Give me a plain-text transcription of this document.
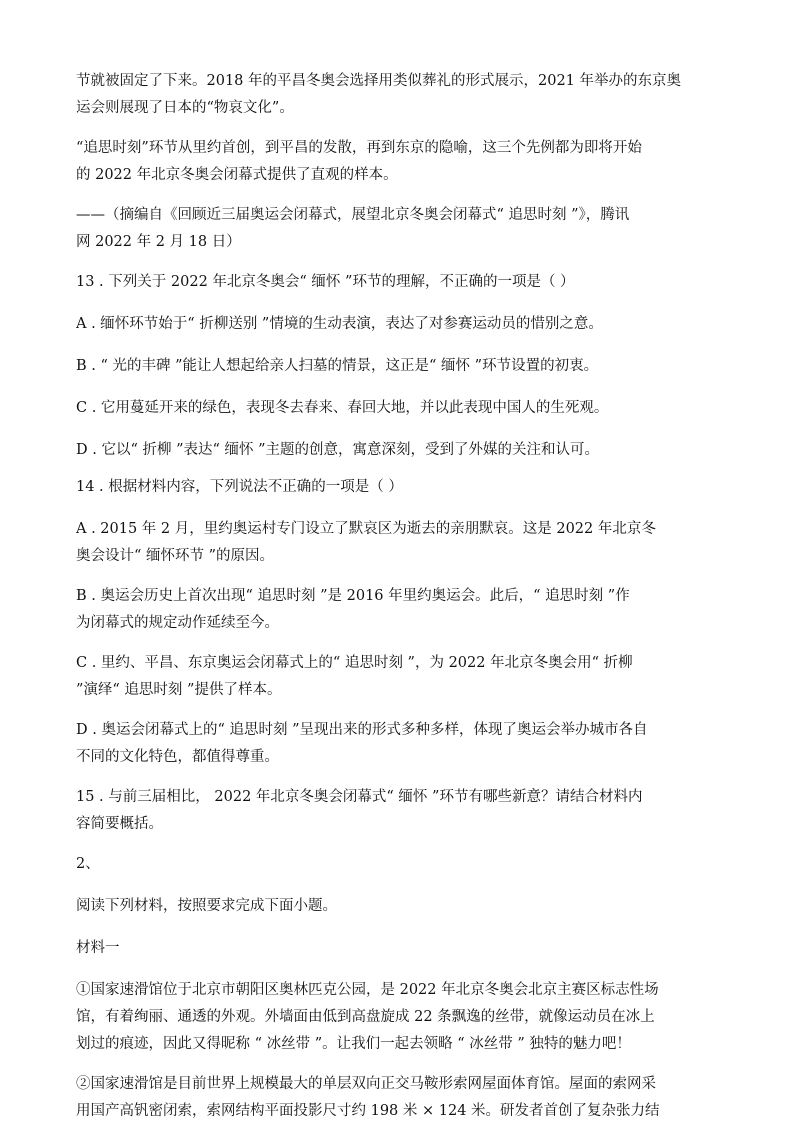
节就被固定了下来。2018 年的平昌冬奥会选择用类似葬礼的形式展示，2021 年举办的东京奥
运会则展现了日本的“物哀文化”。
“追思时刻”环节从里约首创，到平昌的发散，再到东京的隐喻，这三个先例都为即将开始
的 2022 年北京冬奥会闭幕式提供了直观的样本。
——（摘编自《回顾近三届奥运会闭幕式，展望北京冬奥会闭幕式“ 追思时刻 ”》，腾讯
网 2022 年 2 月 18 日）
13 . 下列关于 2022 年北京冬奥会“ 缅怀 ”环节的理解，不正确的一项是（ ）
A . 缅怀环节始于“ 折柳送别 ”情境的生动表演，表达了对参赛运动员的惜别之意。
B . “ 光的丰碑 ”能让人想起给亲人扫墓的情景，这正是“ 缅怀 ”环节设置的初衷。
C . 它用蔓延开来的绿色，表现冬去春来、春回大地，并以此表现中国人的生死观。
D . 它以“ 折柳 ”表达“ 缅怀 ”主题的创意，寓意深刻，受到了外媒的关注和认可。
14 . 根据材料内容，下列说法不正确的一项是（ ）
A . 2015 年 2 月，里约奥运村专门设立了默哀区为逝去的亲朋默哀。这是 2022 年北京冬
奥会设计“ 缅怀环节 ”的原因。
B . 奥运会历史上首次出现“ 追思时刻 ”是 2016 年里约奥运会。此后，“ 追思时刻 ”作
为闭幕式的规定动作延续至今。
C . 里约、平昌、东京奥运会闭幕式上的“ 追思时刻 ”，为 2022 年北京冬奥会用“ 折柳
”演绎“ 追思时刻 ”提供了样本。
D . 奥运会闭幕式上的“ 追思时刻 ”呈现出来的形式多种多样，体现了奥运会举办城市各自
不同的文化特色，都值得尊重。
15 . 与前三届相比， 2022 年北京冬奥会闭幕式“ 缅怀 ”环节有哪些新意？请结合材料内
容简要概括。
2、
阅读下列材料，按照要求完成下面小题。
材料一
①国家速滑馆位于北京市朝阳区奥林匹克公园，是 2022 年北京冬奥会北京主赛区标志性场
馆，有着绚丽、通透的外观。外墙面由低到高盘旋成 22 条飘逸的丝带，就像运动员在冰上
划过的痕迹，因此又得昵称 “ 冰丝带 ”。让我们一起去领略 “ 冰丝带 ” 独特的魅力吧！
②国家速滑馆是目前世界上规模最大的单层双向正交马鞍形索网屋面体育馆。屋面的索网采
用国产高钒密闭索，索网结构平面投影尺寸约 198 米 × 124 米。研发者首创了复杂张力结
